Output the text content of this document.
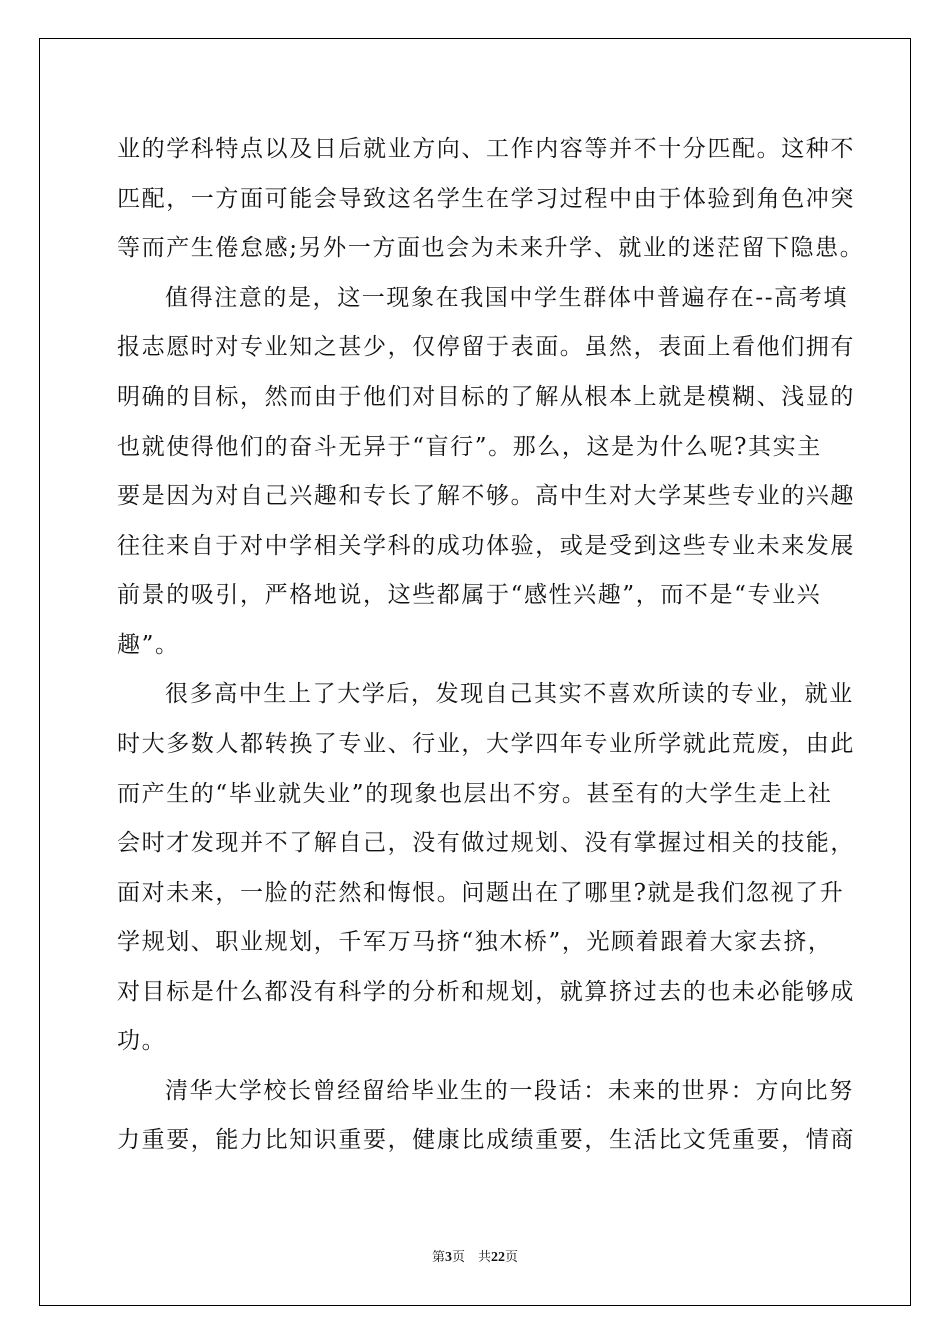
业的学科特点以及日后就业方向、工作内容等并不十分匹配。这种不
匹配，一方面可能会导致这名学生在学习过程中由于体验到角色冲突
等而产生倦怠感;另外一方面也会为未来升学、就业的迷茫留下隐患。
值得注意的是，这一现象在我国中学生群体中普遍存在--高考填
报志愿时对专业知之甚少，仅停留于表面。虽然，表面上看他们拥有
明确的目标，然而由于他们对目标的了解从根本上就是模糊、浅显的
也就使得他们的奋斗无异于“盲行”。那么，这是为什么呢?其实主
要是因为对自己兴趣和专长了解不够。高中生对大学某些专业的兴趣
往往来自于对中学相关学科的成功体验，或是受到这些专业未来发展
前景的吸引，严格地说，这些都属于“感性兴趣”，而不是“专业兴
趣”。
很多高中生上了大学后，发现自己其实不喜欢所读的专业，就业
时大多数人都转换了专业、行业，大学四年专业所学就此荒废，由此
而产生的“毕业就失业”的现象也层出不穷。甚至有的大学生走上社
会时才发现并不了解自己，没有做过规划、没有掌握过相关的技能，
面对未来，一脸的茫然和悔恨。问题出在了哪里?就是我们忽视了升
学规划、职业规划，千军万马挤“独木桥”，光顾着跟着大家去挤，
对目标是什么都没有科学的分析和规划，就算挤过去的也未必能够成
功。
清华大学校长曾经留给毕业生的一段话：未来的世界：方向比努
力重要，能力比知识重要，健康比成绩重要，生活比文凭重要，情商
第3页　共22页
